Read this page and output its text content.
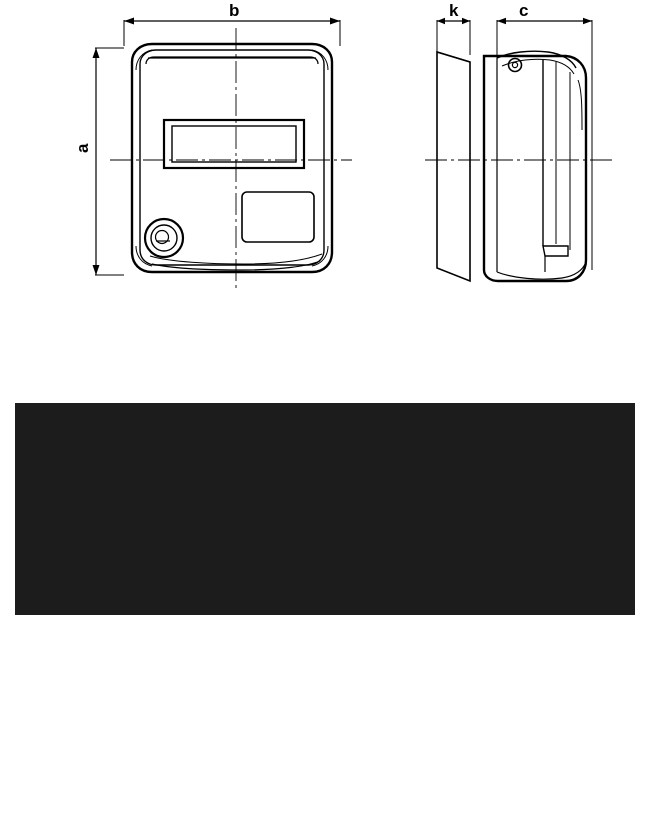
b
a
k	c
